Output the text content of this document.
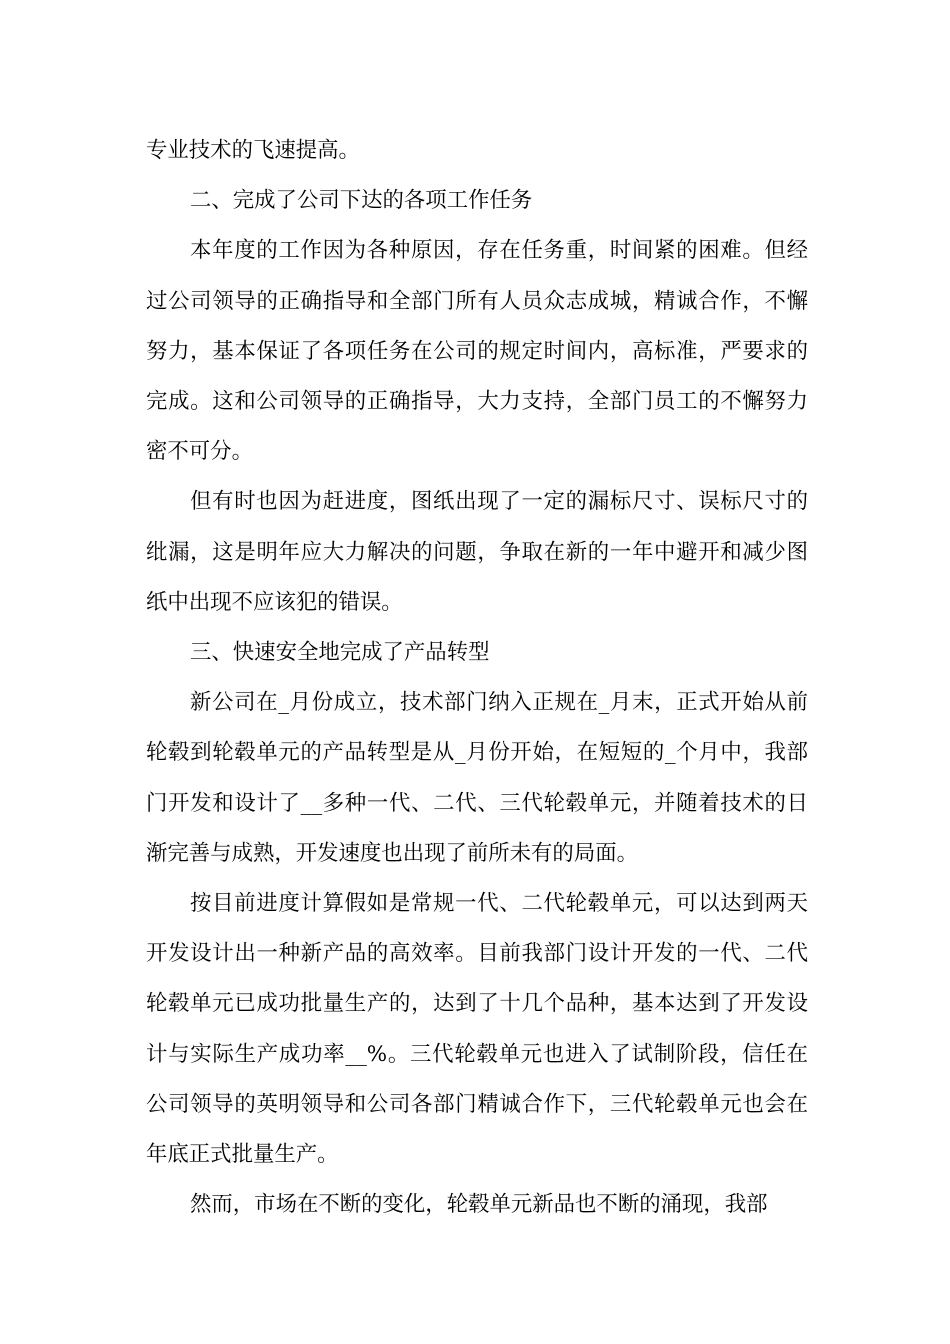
专业技术的飞速提高。

二、完成了公司下达的各项工作任务

本年度的工作因为各种原因，存在任务重，时间紧的困难。但经过公司领导的正确指导和全部门所有人员众志成城，精诚合作，不懈努力，基本保证了各项任务在公司的规定时间内，高标准，严要求的完成。这和公司领导的正确指导，大力支持，全部门员工的不懈努力密不可分。

但有时也因为赶进度，图纸出现了一定的漏标尺寸、误标尺寸的纰漏，这是明年应大力解决的问题，争取在新的一年中避开和减少图纸中出现不应该犯的错误。

三、快速安全地完成了产品转型

新公司在_月份成立，技术部门纳入正规在_月末，正式开始从前轮毂到轮毂单元的产品转型是从_月份开始，在短短的_个月中，我部门开发和设计了__多种一代、二代、三代轮毂单元，并随着技术的日渐完善与成熟，开发速度也出现了前所未有的局面。

按目前进度计算假如是常规一代、二代轮毂单元，可以达到两天开发设计出一种新产品的高效率。目前我部门设计开发的一代、二代轮毂单元已成功批量生产的，达到了十几个品种，基本达到了开发设计与实际生产成功率__%。三代轮毂单元也进入了试制阶段，信任在公司领导的英明领导和公司各部门精诚合作下，三代轮毂单元也会在年底正式批量生产。

然而，市场在不断的变化，轮毂单元新品也不断的涌现，我部
